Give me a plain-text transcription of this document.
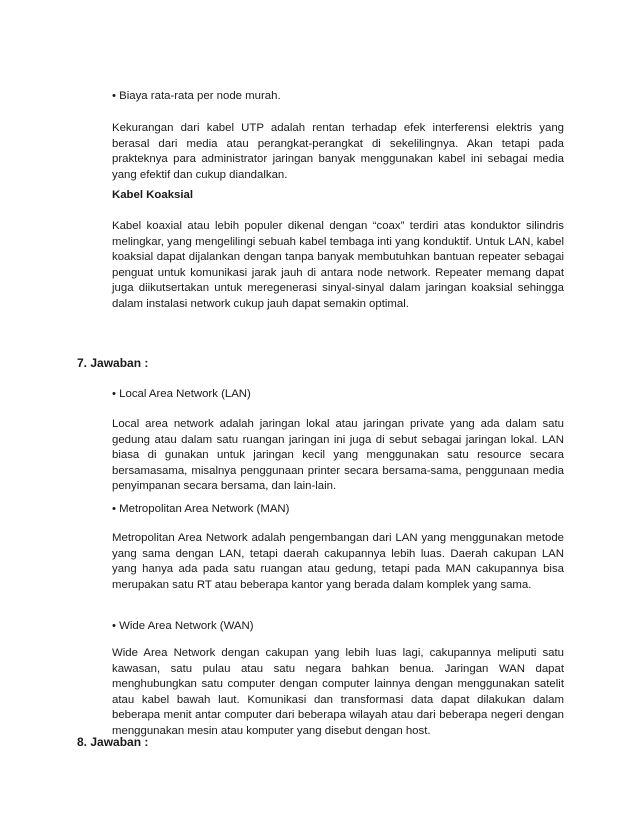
• Biaya rata-rata per node murah.

Kekurangan dari kabel UTP adalah rentan terhadap efek interferensi elektris yang berasal dari media atau perangkat-perangkat di sekelilingnya. Akan tetapi pada prakteknya para administrator jaringan banyak menggunakan kabel ini sebagai media yang efektif dan cukup diandalkan.

Kabel Koaksial

Kabel koaxial atau lebih populer dikenal dengan “coax” terdiri atas konduktor silindris melingkar, yang mengelilingi sebuah kabel tembaga inti yang konduktif. Untuk LAN, kabel koaksial dapat dijalankan dengan tanpa banyak membutuhkan bantuan repeater sebagai penguat untuk komunikasi jarak jauh di antara node network. Repeater memang dapat juga diikutsertakan untuk meregenerasi sinyal-sinyal dalam jaringan koaksial sehingga dalam instalasi network cukup jauh dapat semakin optimal.

7. Jawaban :

• Local Area Network (LAN)

Local area network adalah jaringan lokal atau jaringan private yang ada dalam satu gedung atau dalam satu ruangan jaringan ini juga di sebut sebagai jaringan lokal. LAN biasa di gunakan untuk jaringan kecil yang menggunakan satu resource secara bersamasama, misalnya penggunaan printer secara bersama-sama, penggunaan media penyimpanan secara bersama, dan lain-lain.

• Metropolitan Area Network (MAN)

Metropolitan Area Network adalah pengembangan dari LAN yang menggunakan metode yang sama dengan LAN, tetapi daerah cakupannya lebih luas. Daerah cakupan LAN yang hanya ada pada satu ruangan atau gedung, tetapi pada MAN cakupannya bisa merupakan satu RT atau beberapa kantor yang berada dalam komplek yang sama.

• Wide Area Network (WAN)

Wide Area Network dengan cakupan yang lebih luas lagi, cakupannya meliputi satu kawasan, satu pulau atau satu negara bahkan benua. Jaringan WAN dapat menghubungkan satu computer dengan computer lainnya dengan menggunakan satelit atau kabel bawah laut. Komunikasi dan transformasi data dapat dilakukan dalam beberapa menit antar computer dari beberapa wilayah atau dari beberapa negeri dengan menggunakan mesin atau komputer yang disebut dengan host.

8. Jawaban :
